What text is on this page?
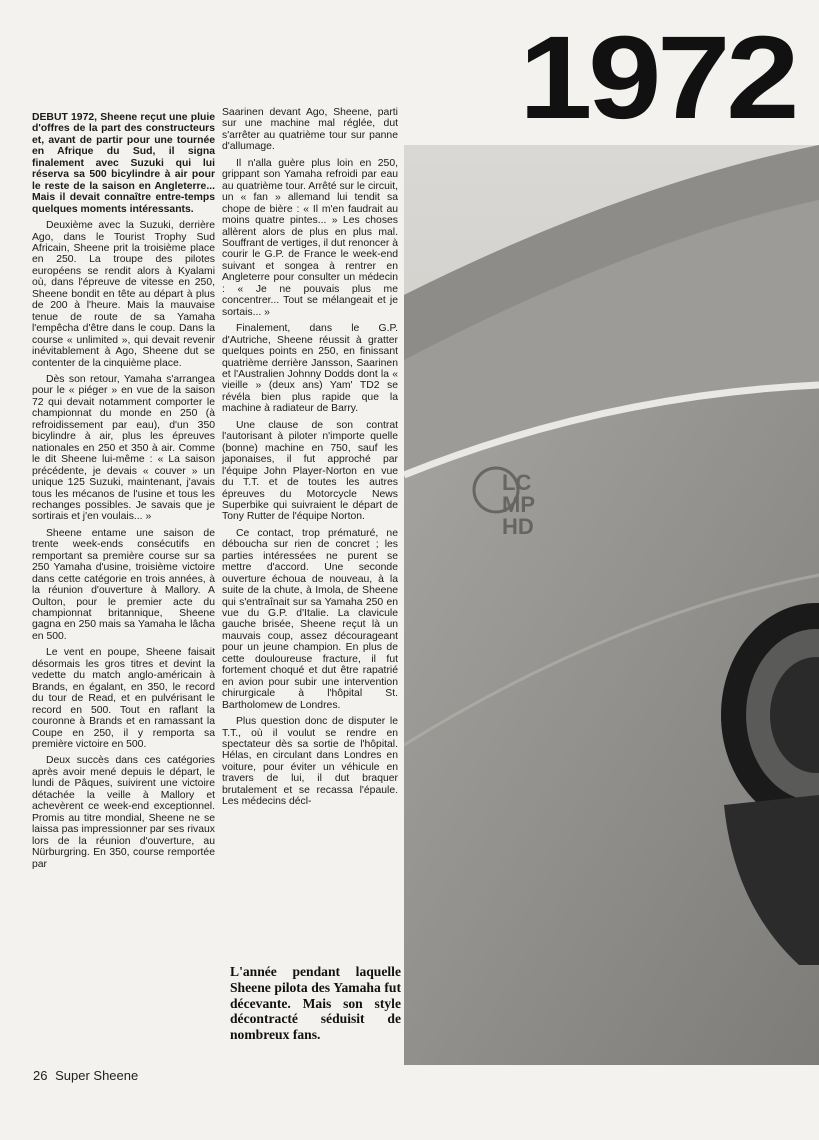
1972

DEBUT 1972, Sheene reçut une pluie d'offres de la part des constructeurs et, avant de partir pour une tournée en Afrique du Sud, il signa finalement avec Suzuki qui lui réserva sa 500 bicylindre à air pour le reste de la saison en Angleterre... Mais il devait connaître entre-temps quelques moments intéressants.

Deuxième avec la Suzuki, derrière Ago, dans le Tourist Trophy Sud Africain, Sheene prit la troisième place en 250. La troupe des pilotes européens se rendit alors à Kyalami où, dans l'épreuve de vitesse en 250, Sheene bondit en tête au départ à plus de 200 à l'heure. Mais la mauvaise tenue de route de sa Yamaha l'empêcha d'être dans le coup. Dans la course « unlimited », qui devait revenir inévitablement à Ago, Sheene dut se contenter de la cinquième place.

Dès son retour, Yamaha s'arrangea pour le « piéger » en vue de la saison 72 qui devait notamment comporter le championnat du monde en 250 (à refroidissement par eau), d'un 350 bicylindre à air, plus les épreuves nationales en 250 et 350 à air. Comme le dit Sheene lui-même : « La saison précédente, je devais « couver » un unique 125 Suzuki, maintenant, j'avais tous les mécanos de l'usine et tous les rechanges possibles. Je savais que je sortirais et j'en voulais... »

Sheene entame une saison de trente week-ends consécutifs en remportant sa première course sur sa 250 Yamaha d'usine, troisième victoire dans cette catégorie en trois années, à la réunion d'ouverture à Mallory. A Oulton, pour le premier acte du championnat britannique, Sheene gagna en 250 mais sa Yamaha le lâcha en 500.

Le vent en poupe, Sheene faisait désormais les gros titres et devint la vedette du match anglo-américain à Brands, en égalant, en 350, le record du tour de Read, et en pulvérisant le record en 500. Tout en raflant la couronne à Brands et en ramassant la Coupe en 250, il y remporta sa première victoire en 500.

Deux succès dans ces catégories après avoir mené depuis le départ, le lundi de Pâques, suivirent une victoire détachée la veille à Mallory et achevèrent ce week-end exceptionnel. Promis au titre mondial, Sheene ne se laissa pas impressionner par ses rivaux lors de la réunion d'ouverture, au Nürburgring. En 350, course remportée par

Saarinen devant Ago, Sheene, parti sur une machine mal réglée, dut s'arrêter au quatrième tour sur panne d'allumage.

Il n'alla guère plus loin en 250, grippant son Yamaha refroidi par eau au quatrième tour. Arrêté sur le circuit, un « fan » allemand lui tendit sa chope de bière : « Il m'en faudrait au moins quatre pintes... » Les choses allèrent alors de plus en plus mal. Souffrant de vertiges, il dut renoncer à courir le G.P. de France le week-end suivant et songea à rentrer en Angleterre pour consulter un médecin : « Je ne pouvais plus me concentrer... Tout se mélangeait et je sortais... »

Finalement, dans le G.P. d'Autriche, Sheene réussit à gratter quelques points en 250, en finissant quatrième derrière Jansson, Saarinen et l'Australien Johnny Dodds dont la « vieille » (deux ans) Yam' TD2 se révéla bien plus rapide que la machine à radiateur de Barry.

Une clause de son contrat l'autorisant à piloter n'importe quelle (bonne) machine en 750, sauf les japonaises, il fut approché par l'équipe John Player-Norton en vue du T.T. et de toutes les autres épreuves du Motorcycle News Superbike qui suivraient le départ de Tony Rutter de l'équipe Norton.

Ce contact, trop prématuré, ne déboucha sur rien de concret ; les parties intéressées ne purent se mettre d'accord. Une seconde ouverture échoua de nouveau, à la suite de la chute, à Imola, de Sheene qui s'entraînait sur sa Yamaha 250 en vue du G.P. d'Italie. La clavicule gauche brisée, Sheene reçut là un mauvais coup, assez décourageant pour un jeune champion. En plus de cette douloureuse fracture, il fut fortement choqué et dut être rapatrié en avion pour subir une intervention chirurgicale à l'hôpital St. Bartholomew de Londres.

Plus question donc de disputer le T.T., où il voulut se rendre en spectateur dès sa sortie de l'hôpital. Hélas, en circulant dans Londres en voiture, pour éviter un véhicule en travers de lui, il dut braquer brutalement et se recassa l'épaule. Les médecins décl-

L'année pendant laquelle Sheene pilota des Yamaha fut décevante. Mais son style décontracté séduisit de nombreux fans.

LC
MP
HD
26 Super Sheene
